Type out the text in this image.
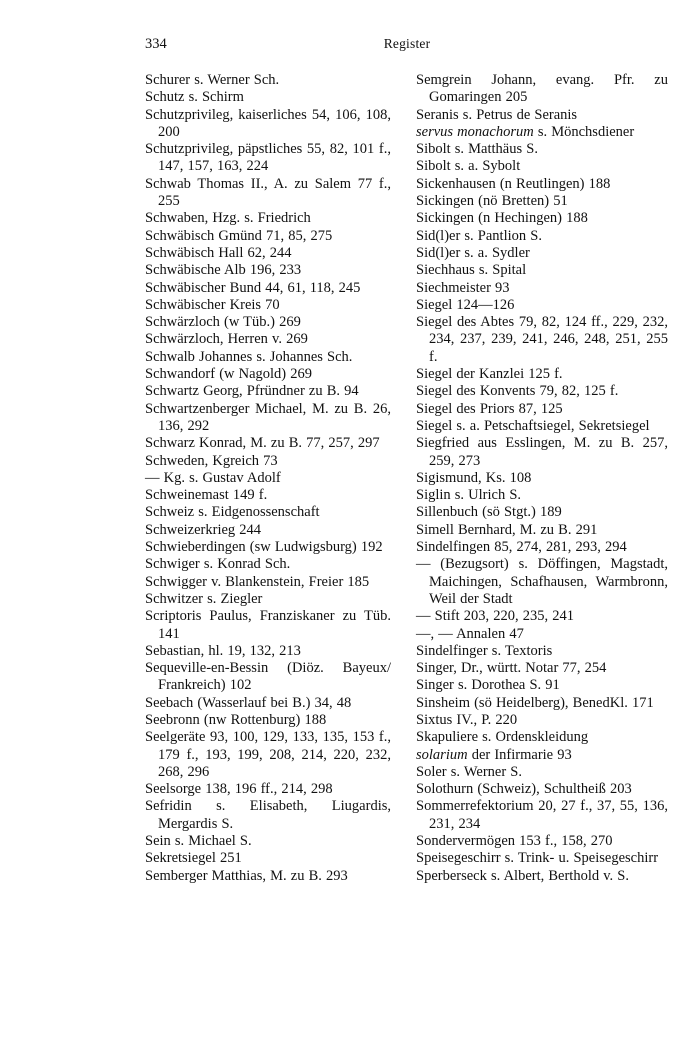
334	Register

Schurer s. Werner Sch.

Schutz s. Schirm

Schutzprivileg, kaiserliches 54, 106, 108, 200

Schutzprivileg, päpstliches 55, 82, 101 f., 147, 157, 163, 224

Schwab Thomas II., A. zu Salem 77 f., 255

Schwaben, Hzg. s. Friedrich

Schwäbisch Gmünd 71, 85, 275

Schwäbisch Hall 62, 244

Schwäbische Alb 196, 233

Schwäbischer Bund 44, 61, 118, 245

Schwäbischer Kreis 70

Schwärzloch (w Tüb.) 269

Schwärzloch, Herren v. 269

Schwalb Johannes s. Johannes Sch.

Schwandorf (w Nagold) 269

Schwartz Georg, Pfründner zu B. 94

Schwartzenberger Michael, M. zu B. 26, 136, 292

Schwarz Konrad, M. zu B. 77, 257, 297

Schweden, Kgreich 73

— Kg. s. Gustav Adolf

Schweinemast 149 f.

Schweiz s. Eidgenossenschaft

Schweizerkrieg 244

Schwieberdingen (sw Ludwigsburg) 192

Schwiger s. Konrad Sch.

Schwigger v. Blankenstein, Freier 185

Schwitzer s. Ziegler

Scriptoris Paulus, Franziskaner zu Tüb. 141

Sebastian, hl. 19, 132, 213

Sequeville-en-Bessin (Diöz. Bayeux/ Frankreich) 102

Seebach (Wasserlauf bei B.) 34, 48

Seebronn (nw Rottenburg) 188

Seelgeräte 93, 100, 129, 133, 135, 153 f., 179 f., 193, 199, 208, 214, 220, 232, 268, 296

Seelsorge 138, 196 ff., 214, 298

Sefridin s. Elisabeth, Liugardis, Mergardis S.

Sein s. Michael S.

Sekretsiegel 251

Semberger Matthias, M. zu B. 293

Semgrein Johann, evang. Pfr. zu Gomaringen 205

Seranis s. Petrus de Seranis

servus monachorum s. Mönchsdiener

Sibolt s. Matthäus S.

Sibolt s. a. Sybolt

Sickenhausen (n Reutlingen) 188

Sickingen (nö Bretten) 51

Sickingen (n Hechingen) 188

Sid(l)er s. Pantlion S.

Sid(l)er s. a. Sydler

Siechhaus s. Spital

Siechmeister 93

Siegel 124—126

Siegel des Abtes 79, 82, 124 ff., 229, 232, 234, 237, 239, 241, 246, 248, 251, 255 f.

Siegel der Kanzlei 125 f.

Siegel des Konvents 79, 82, 125 f.

Siegel des Priors 87, 125

Siegel s. a. Petschaftsiegel, Sekretsiegel

Siegfried aus Esslingen, M. zu B. 257, 259, 273

Sigismund, Ks. 108

Siglin s. Ulrich S.

Sillenbuch (sö Stgt.) 189

Simell Bernhard, M. zu B. 291

Sindelfingen 85, 274, 281, 293, 294

— (Bezugsort) s. Döffingen, Magstadt, Maichingen, Schafhausen, Warmbronn, Weil der Stadt

— Stift 203, 220, 235, 241

—, — Annalen 47

Sindelfinger s. Textoris

Singer, Dr., württ. Notar 77, 254

Singer s. Dorothea S. 91

Sinsheim (sö Heidelberg), BenedKl. 171

Sixtus IV., P. 220

Skapuliere s. Ordenskleidung

solarium der Infirmarie 93

Soler s. Werner S.

Solothurn (Schweiz), Schultheiß 203

Sommerrefektorium 20, 27 f., 37, 55, 136, 231, 234

Sondervermögen 153 f., 158, 270

Speisegeschirr s. Trink- u. Speisegeschirr

Sperberseck s. Albert, Berthold v. S.
